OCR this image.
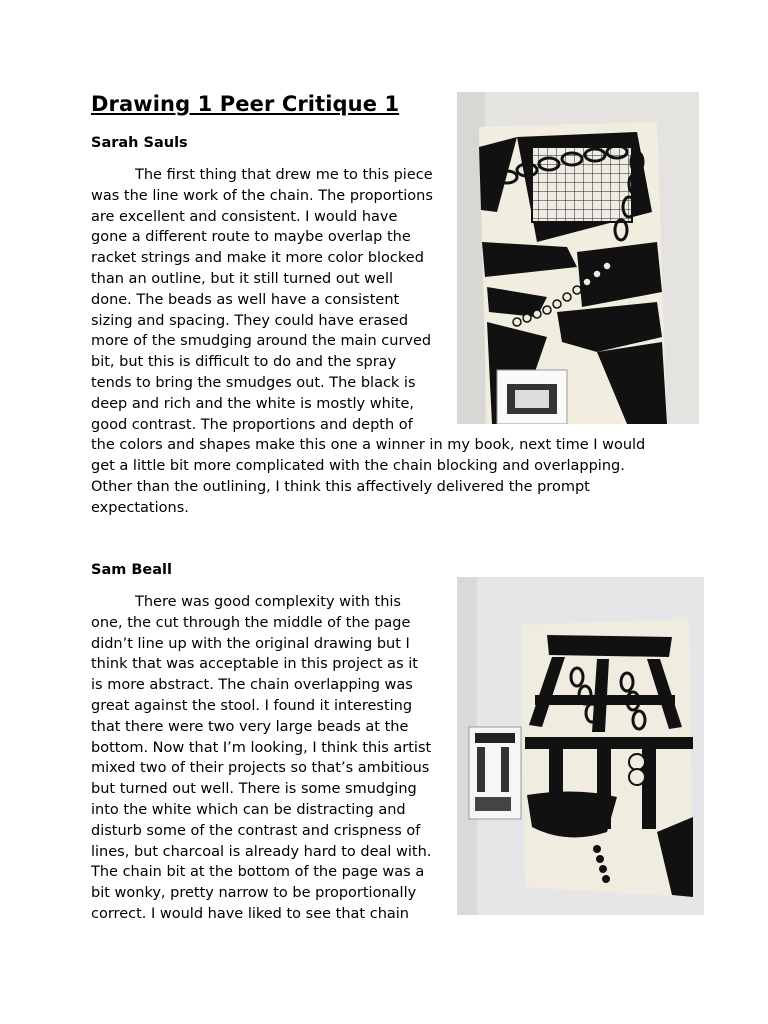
Drawing 1 Peer Critique 1

Sarah Sauls

The first thing that drew me to this piece
was the line work of the chain. The proportions
are excellent and consistent. I would have
gone a different route to maybe overlap the
racket strings and make it more color blocked
than an outline, but it still turned out well
done. The beads as well have a consistent
sizing and spacing. They could have erased
more of the smudging around the main curved
bit, but this is difficult to do and the spray
tends to bring the smudges out. The black is
deep and rich and the white is mostly white,
good contrast. The proportions and depth of
the colors and shapes make this one a winner in my book, next time I would
get a little bit more complicated with the chain blocking and overlapping.
Other than the outlining, I think this affectively delivered the prompt
expectations.

Sam Beall

There was good complexity with this
one, the cut through the middle of the page
didn’t line up with the original drawing but I
think that was acceptable in this project as it
is more abstract. The chain overlapping was
great against the stool. I found it interesting
that there were two very large beads at the
bottom. Now that I’m looking, I think this artist
mixed two of their projects so that’s ambitious
but turned out well. There is some smudging
into the white which can be distracting and
disturb some of the contrast and crispness of
lines, but charcoal is already hard to deal with.
The chain bit at the bottom of the page was a
bit wonky, pretty narrow to be proportionally
correct. I would have liked to see that chain
